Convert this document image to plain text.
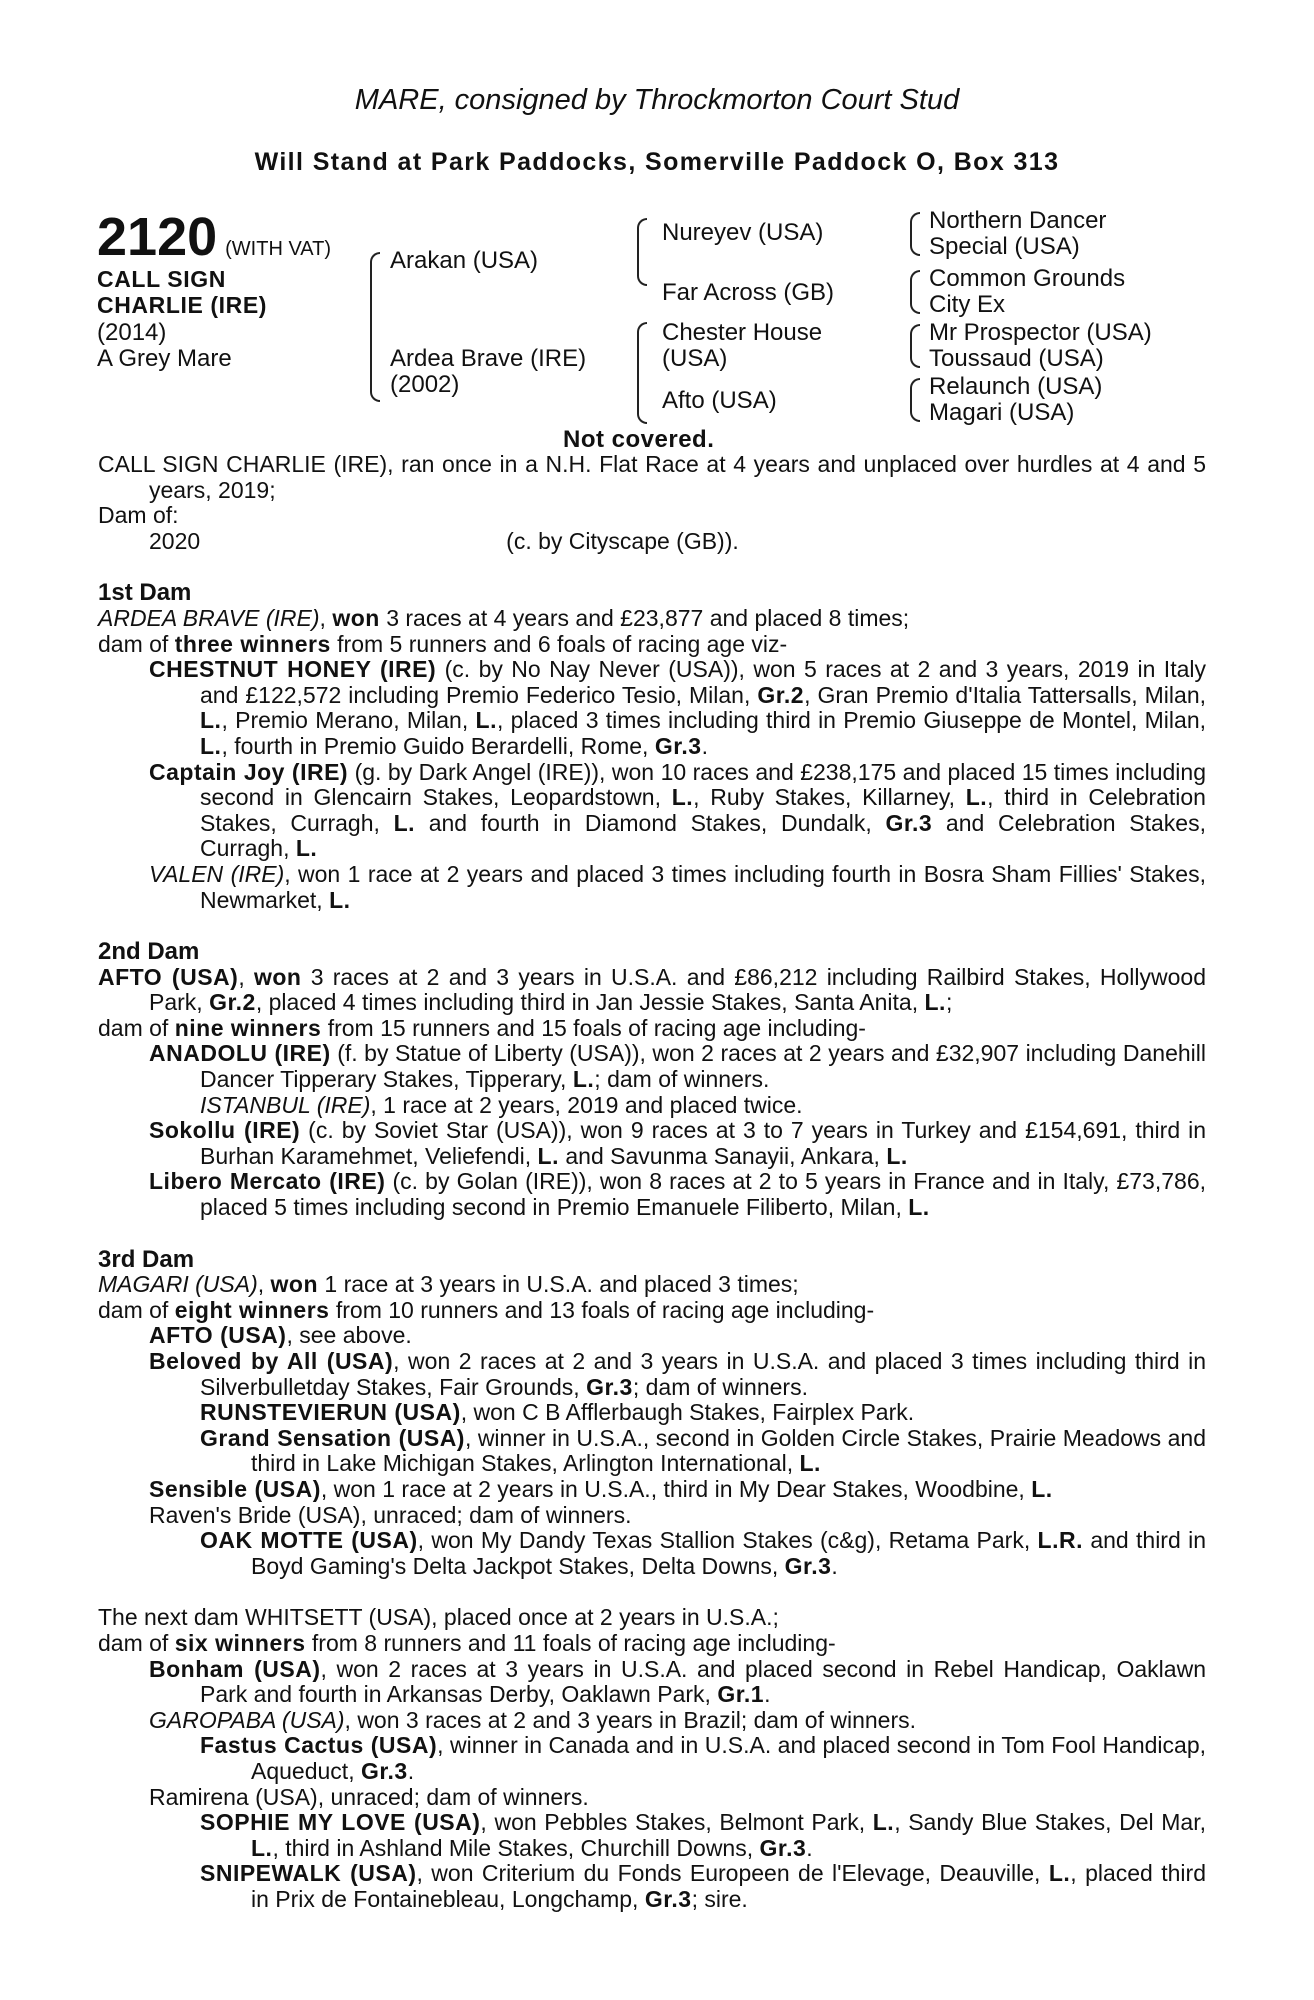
MARE, consigned by Throckmorton Court Stud
Will Stand at Park Paddocks, Somerville Paddock O, Box 313
2120 (WITH VAT)
CALL SIGN
CHARLIE (IRE)
(2014)
A Grey Mare
Arakan (USA)
Ardea Brave (IRE)
(2002)
Nureyev (USA)
Far Across (GB)
Chester House
(USA)
Afto (USA)
Northern Dancer
Special (USA)
Common Grounds
City Ex
Mr Prospector (USA)
Toussaud (USA)
Relaunch (USA)
Magari (USA)
Not covered.

CALL SIGN CHARLIE (IRE), ran once in a N.H. Flat Race at 4 years and unplaced over hurdles at 4 and 5 years, 2019;

Dam of:

2020	(c. by Cityscape (GB)).

1st Dam

ARDEA BRAVE (IRE), won 3 races at 4 years and £23,877 and placed 8 times;

dam of three winners from 5 runners and 6 foals of racing age viz-

CHESTNUT HONEY (IRE) (c. by No Nay Never (USA)), won 5 races at 2 and 3 years, 2019 in Italy and £122,572 including Premio Federico Tesio, Milan, Gr.2, Gran Premio d'Italia Tattersalls, Milan, L., Premio Merano, Milan, L., placed 3 times including third in Premio Giuseppe de Montel, Milan, L., fourth in Premio Guido Berardelli, Rome, Gr.3.

Captain Joy (IRE) (g. by Dark Angel (IRE)), won 10 races and £238,175 and placed 15 times including second in Glencairn Stakes, Leopardstown, L., Ruby Stakes, Killarney, L., third in Celebration Stakes, Curragh, L. and fourth in Diamond Stakes, Dundalk, Gr.3 and Celebration Stakes, Curragh, L.

VALEN (IRE), won 1 race at 2 years and placed 3 times including fourth in Bosra Sham Fillies' Stakes, Newmarket, L.

2nd Dam

AFTO (USA), won 3 races at 2 and 3 years in U.S.A. and £86,212 including Railbird Stakes, Hollywood Park, Gr.2, placed 4 times including third in Jan Jessie Stakes, Santa Anita, L.;

dam of nine winners from 15 runners and 15 foals of racing age including-

ANADOLU (IRE) (f. by Statue of Liberty (USA)), won 2 races at 2 years and £32,907 including Danehill Dancer Tipperary Stakes, Tipperary, L.; dam of winners.

ISTANBUL (IRE), 1 race at 2 years, 2019 and placed twice.

Sokollu (IRE) (c. by Soviet Star (USA)), won 9 races at 3 to 7 years in Turkey and £154,691, third in Burhan Karamehmet, Veliefendi, L. and Savunma Sanayii, Ankara, L.

Libero Mercato (IRE) (c. by Golan (IRE)), won 8 races at 2 to 5 years in France and in Italy, £73,786, placed 5 times including second in Premio Emanuele Filiberto, Milan, L.

3rd Dam

MAGARI (USA), won 1 race at 3 years in U.S.A. and placed 3 times;

dam of eight winners from 10 runners and 13 foals of racing age including-

AFTO (USA), see above.

Beloved by All (USA), won 2 races at 2 and 3 years in U.S.A. and placed 3 times including third in Silverbulletday Stakes, Fair Grounds, Gr.3; dam of winners.

RUNSTEVIERUN (USA), won C B Afflerbaugh Stakes, Fairplex Park.

Grand Sensation (USA), winner in U.S.A., second in Golden Circle Stakes, Prairie Meadows and third in Lake Michigan Stakes, Arlington International, L.

Sensible (USA), won 1 race at 2 years in U.S.A., third in My Dear Stakes, Woodbine, L.

Raven's Bride (USA), unraced; dam of winners.

OAK MOTTE (USA), won My Dandy Texas Stallion Stakes (c&g), Retama Park, L.R. and third in Boyd Gaming's Delta Jackpot Stakes, Delta Downs, Gr.3.

The next dam WHITSETT (USA), placed once at 2 years in U.S.A.;

dam of six winners from 8 runners and 11 foals of racing age including-

Bonham (USA), won 2 races at 3 years in U.S.A. and placed second in Rebel Handicap, Oaklawn Park and fourth in Arkansas Derby, Oaklawn Park, Gr.1.

GAROPABA (USA), won 3 races at 2 and 3 years in Brazil; dam of winners.

Fastus Cactus (USA), winner in Canada and in U.S.A. and placed second in Tom Fool Handicap, Aqueduct, Gr.3.

Ramirena (USA), unraced; dam of winners.

SOPHIE MY LOVE (USA), won Pebbles Stakes, Belmont Park, L., Sandy Blue Stakes, Del Mar, L., third in Ashland Mile Stakes, Churchill Downs, Gr.3.

SNIPEWALK (USA), won Criterium du Fonds Europeen de l'Elevage, Deauville, L., placed third in Prix de Fontainebleau, Longchamp, Gr.3; sire.
